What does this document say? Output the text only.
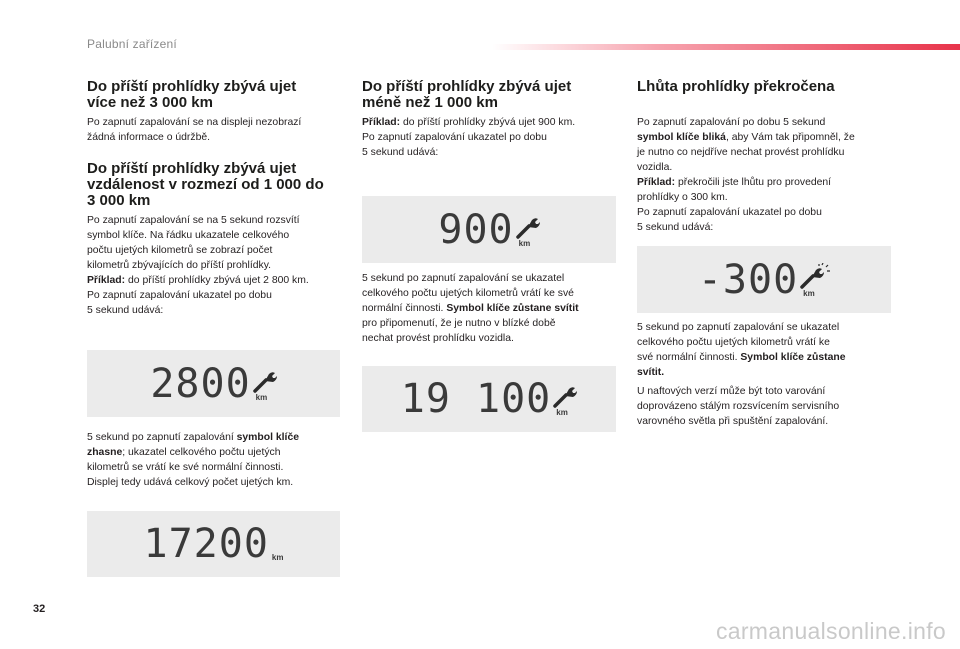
Palubní zařízení
Do příští prohlídky zbývá ujet
více než 3 000 km

Po zapnutí zapalování se na displeji nezobrazí
žádná informace o údržbě.

Do příští prohlídky zbývá ujet
vzdálenost v rozmezí od 1 000 do
3 000 km

Po zapnutí zapalování se na 5 sekund rozsvítí
symbol klíče. Na řádku ukazatele celkového
počtu ujetých kilometrů se zobrazí počet
kilometrů zbývajících do příští prohlídky.
Příklad: do příští prohlídky zbývá ujet 2 800 km.
Po zapnutí zapalování ukazatel po dobu
5 sekund udává:

2800 km

5 sekund po zapnutí zapalování symbol klíče
zhasne; ukazatel celkového počtu ujetých
kilometrů se vrátí ke své normální činnosti.
Displej tedy udává celkový počet ujetých km.

17200 km
Do příští prohlídky zbývá ujet
méně než 1 000 km

Příklad: do příští prohlídky zbývá ujet 900 km.
Po zapnutí zapalování ukazatel po dobu
5 sekund udává:

900 km

5 sekund po zapnutí zapalování se ukazatel
celkového počtu ujetých kilometrů vrátí ke své
normální činnosti. Symbol klíče zůstane svítit
pro připomenutí, že je nutno v blízké době
nechat provést prohlídku vozidla.

19 100 km
Lhůta prohlídky překročena

Po zapnutí zapalování po dobu 5 sekund
symbol klíče bliká, aby Vám tak připomněl, že
je nutno co nejdříve nechat provést prohlídku
vozidla.
Příklad: překročili jste lhůtu pro provedení
prohlídky o 300 km.
Po zapnutí zapalování ukazatel po dobu
5 sekund udává:

-300 km

5 sekund po zapnutí zapalování se ukazatel
celkového počtu ujetých kilometrů vrátí ke
své normální činnosti. Symbol klíče zůstane
svítit.

U naftových verzí může být toto varování
doprovázeno stálým rozsvícením servisního
varovného světla při spuštění zapalování.

32
carmanualsonline.info
